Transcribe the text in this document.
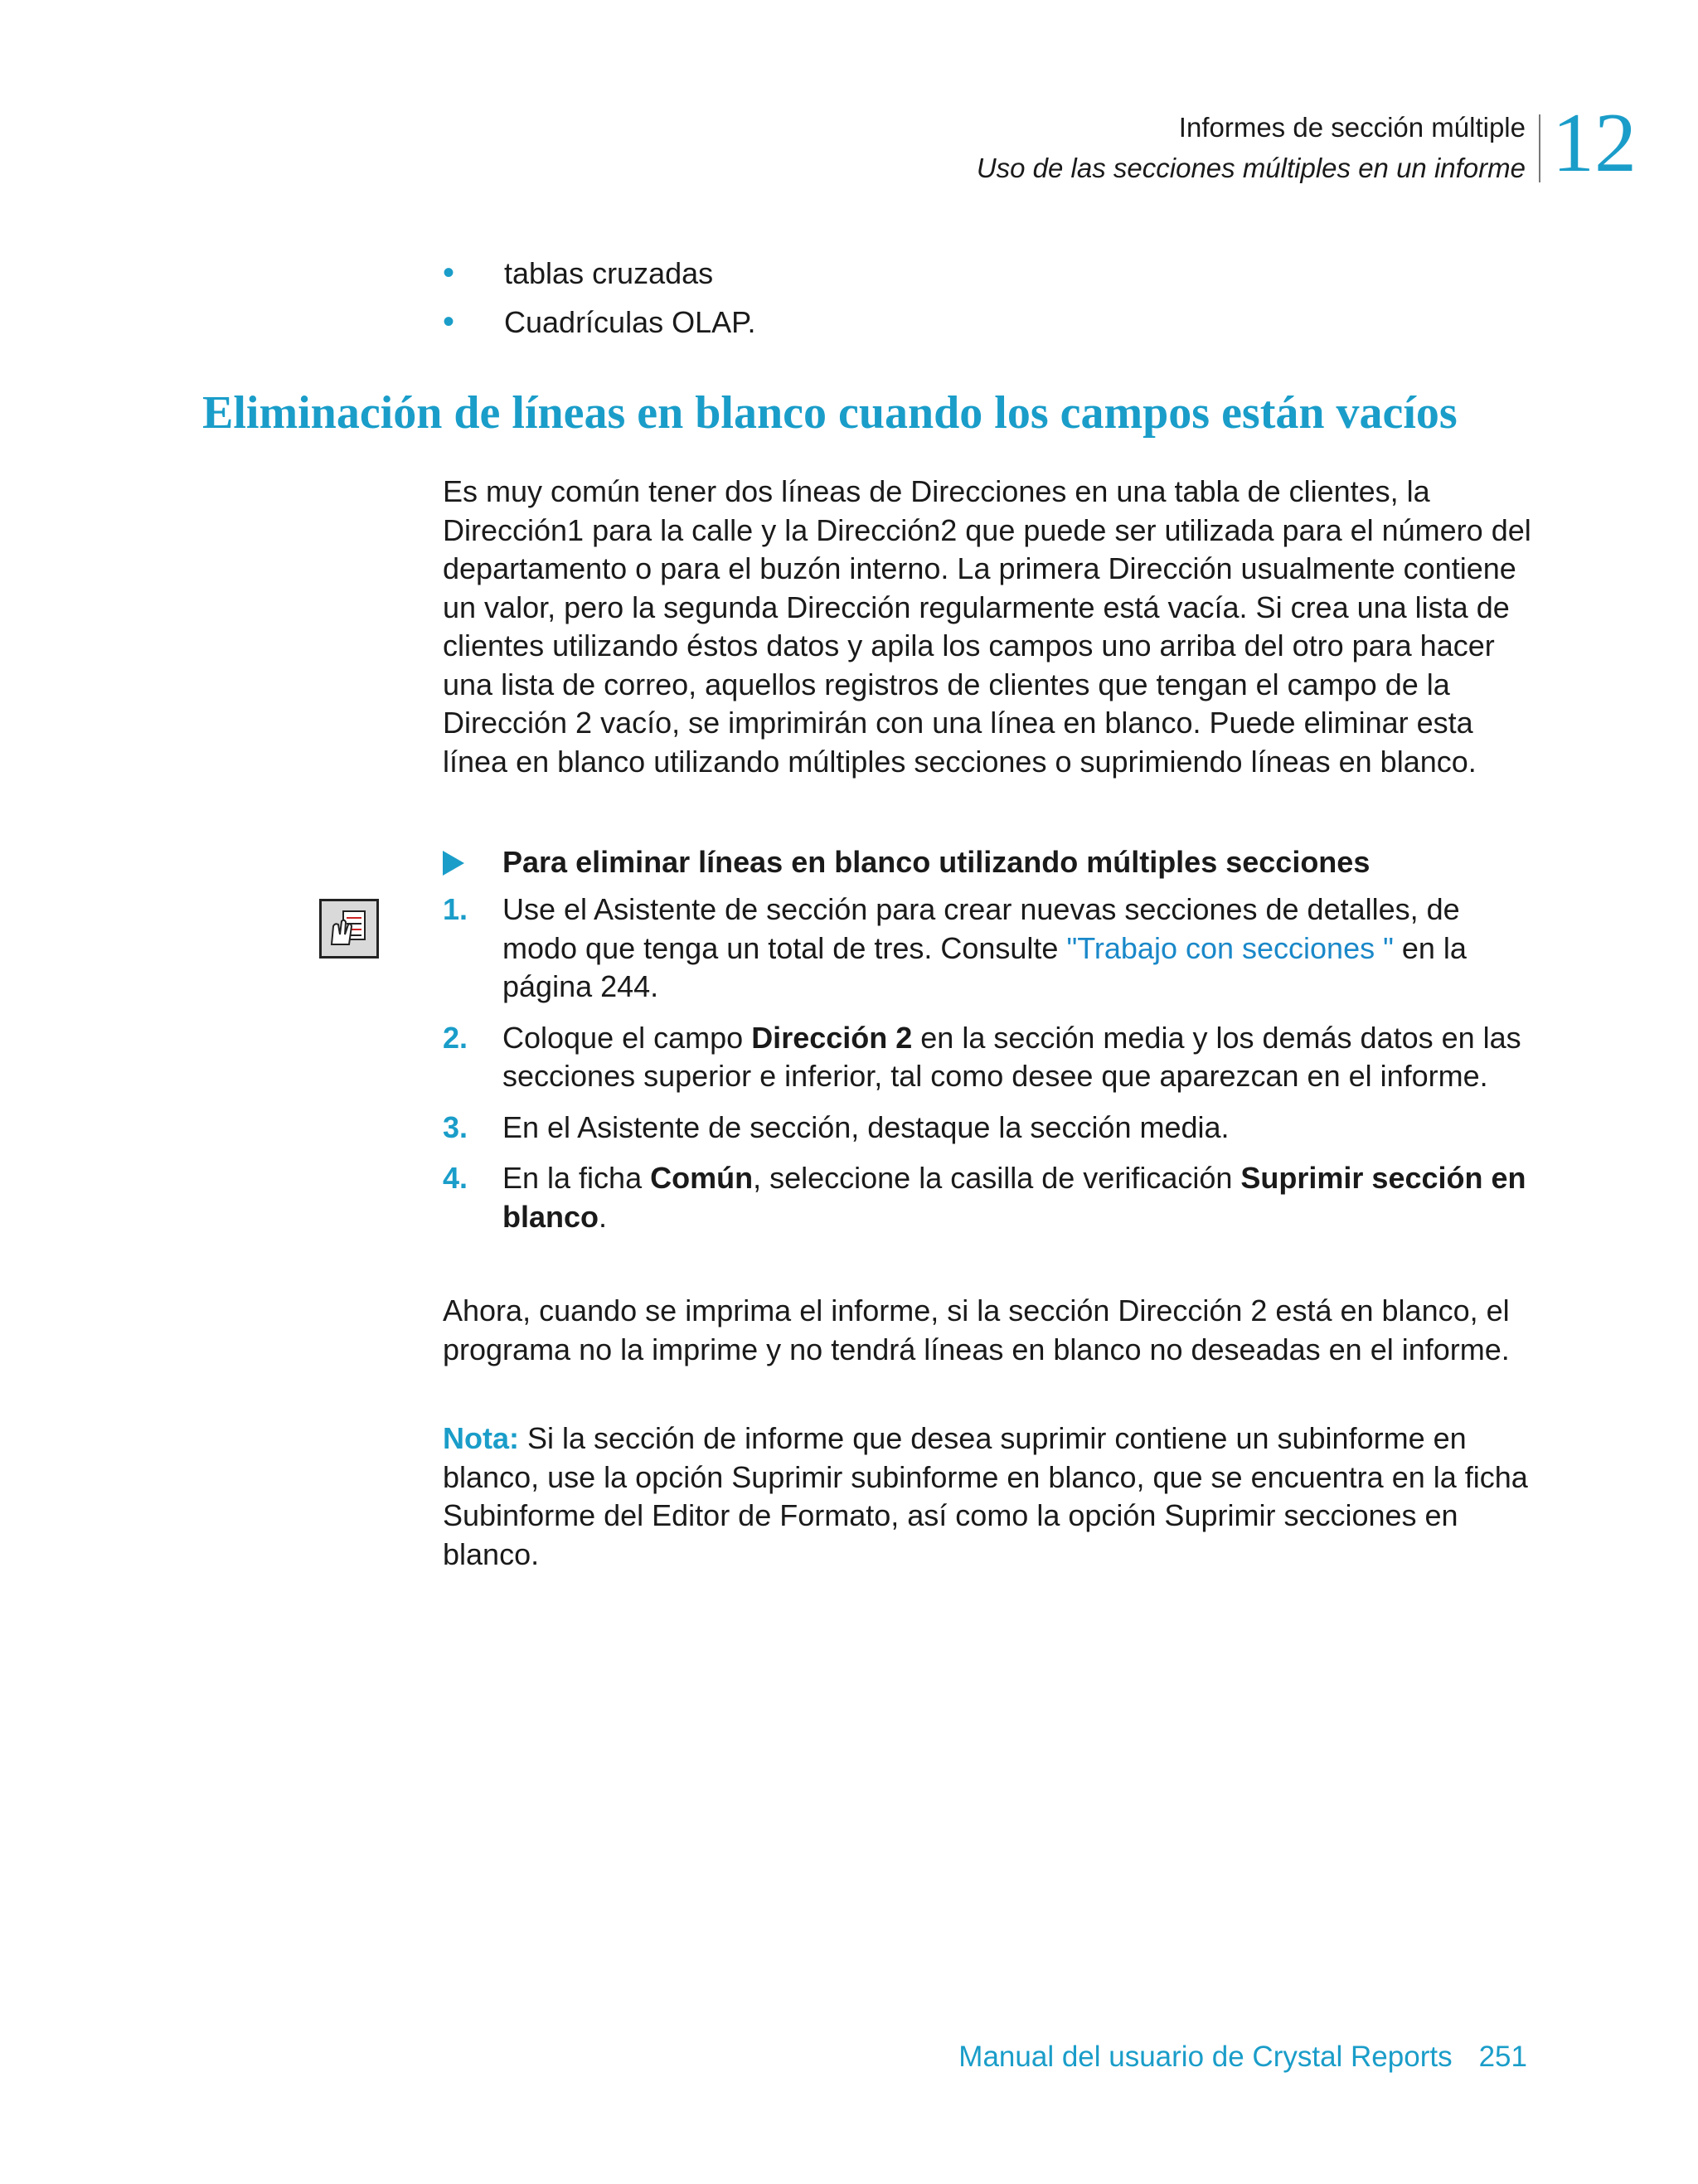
Informes de sección múltiple
Uso de las secciones múltiples en un informe 12
• tablas cruzadas
• Cuadrículas OLAP.
Eliminación de líneas en blanco cuando los campos están vacíos

Es muy común tener dos líneas de Direcciones en una tabla de clientes, la Dirección1 para la calle y la Dirección2 que puede ser utilizada para el número del departamento o para el buzón interno. La primera Dirección usualmente contiene un valor, pero la segunda Dirección regularmente está vacía. Si crea una lista de clientes utilizando éstos datos y apila los campos uno arriba del otro para hacer una lista de correo, aquellos registros de clientes que tengan el campo de la Dirección 2 vacío, se imprimirán con una línea en blanco. Puede eliminar esta línea en blanco utilizando múltiples secciones o suprimiendo líneas en blanco.

Para eliminar líneas en blanco utilizando múltiples secciones
1. Use el Asistente de sección para crear nuevas secciones de detalles, de modo que tenga un total de tres. Consulte "Trabajo con secciones " en la página 244.
2. Coloque el campo Dirección 2 en la sección media y los demás datos en las secciones superior e inferior, tal como desee que aparezcan en el informe.
3. En el Asistente de sección, destaque la sección media.
4. En la ficha Común, seleccione la casilla de verificación Suprimir sección en blanco.

Ahora, cuando se imprima el informe, si la sección Dirección 2 está en blanco, el programa no la imprime y no tendrá líneas en blanco no deseadas en el informe.

Nota: Si la sección de informe que desea suprimir contiene un subinforme en blanco, use la opción Suprimir subinforme en blanco, que se encuentra en la ficha Subinforme del Editor de Formato, así como la opción Suprimir secciones en blanco.

Manual del usuario de Crystal Reports 251
